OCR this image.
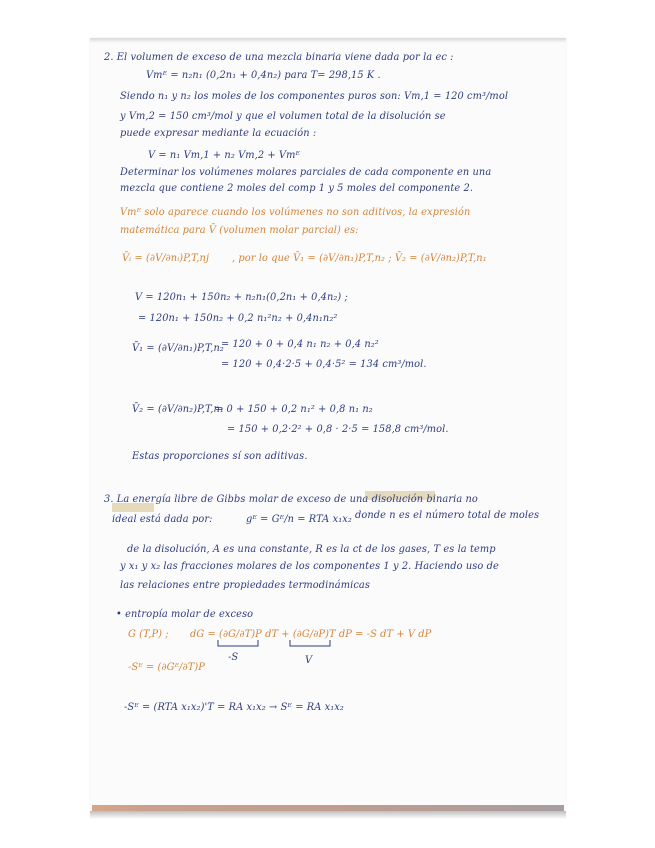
2. El volumen de exceso de una mezcla binaria viene dada por la ec :

Vmᴱ = n₂n₁ (0,2n₁ + 0,4n₂) para T= 298,15 K .

Siendo n₁ y n₂ los moles de los componentes puros son: Vm,1 = 120 cm³/mol

y Vm,2 = 150 cm³/mol y que el volumen total de la disolución se

puede expresar mediante la ecuación :

V = n₁ Vm,1 + n₂ Vm,2 + Vmᴱ

Determinar los volúmenes molares parciales de cada componente en una

mezcla que contiene 2 moles del comp 1 y 5 moles del componente 2.

Vmᴱ solo aparece cuando los volúmenes no son aditivos, la expresión

matemática para V̄ (volumen molar parcial) es:

V̄ᵢ = (∂V/∂nᵢ)P,T,nj , por lo que V̄₁ = (∂V/∂n₁)P,T,n₂ ; V̄₂ = (∂V/∂n₂)P,T,n₁

V = 120n₁ + 150n₂ + n₂n₁(0,2n₁ + 0,4n₂) ;

= 120n₁ + 150n₂ + 0,2 n₁²n₂ + 0,4n₁n₂²

V̄₁ = (∂V/∂n₁)P,T,n₂

= 120 + 0 + 0,4 n₁ n₂ + 0,4 n₂²

= 120 + 0,4·2·5 + 0,4·5² = 134 cm³/mol.

V̄₂ = (∂V/∂n₂)P,T,n₁

= 0 + 150 + 0,2 n₁² + 0,8 n₁ n₂

= 150 + 0,2·2² + 0,8 · 2·5 = 158,8 cm³/mol.

Estas proporciones sí son aditivas.

3. La energía libre de Gibbs molar de exceso de una disolución binaria no

ideal está dada por:	gᴱ = Gᴱ/n = RTA x₁x₂ donde n es el número total de moles

de la disolución, A es una constante, R es la ct de los gases, T es la temp

y x₁ y x₂ las fracciones molares de los componentes 1 y 2. Haciendo uso de

las relaciones entre propiedades termodinámicas

• entropía molar de exceso

G (T,P) ; dG = (∂G/∂T)P dT + (∂G/∂P)T dP = -S dT + V dP

-S	V

-Sᴱ = (∂Gᴱ/∂T)P

-Sᴱ = (RTA x₁x₂)'T = RA x₁x₂ → Sᴱ = RA x₁x₂
